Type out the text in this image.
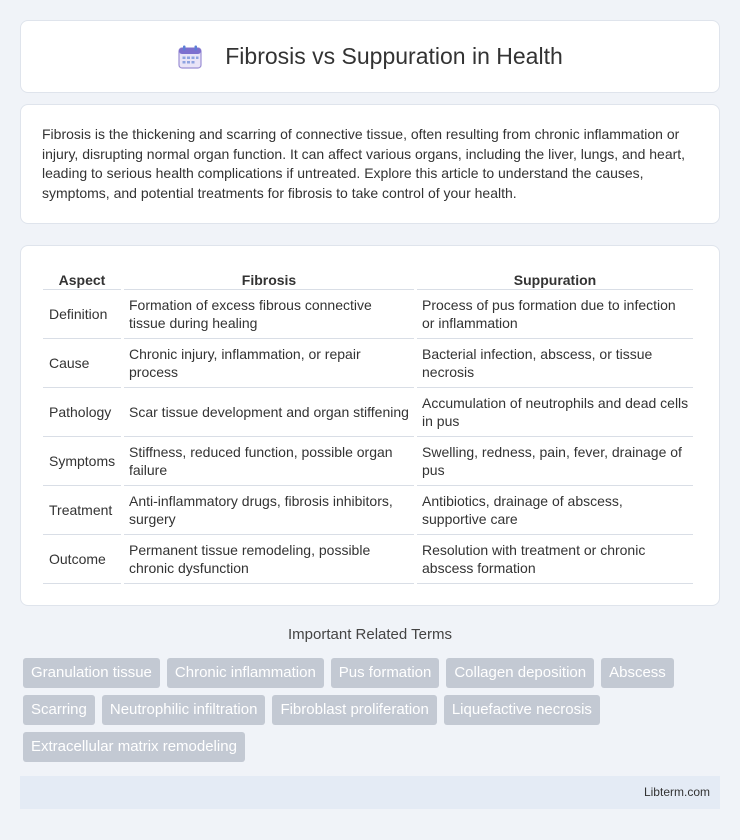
Fibrosis vs Suppuration in Health

Fibrosis is the thickening and scarring of connective tissue, often resulting from chronic inflammation or injury, disrupting normal organ function. It can affect various organs, including the liver, lungs, and heart, leading to serious health complications if untreated. Explore this article to understand the causes, symptoms, and potential treatments for fibrosis to take control of your health.

Aspect	Fibrosis	Suppuration
Definition	Formation of excess fibrous connective tissue during healing	Process of pus formation due to infection or inflammation
Cause	Chronic injury, inflammation, or repair process	Bacterial infection, abscess, or tissue necrosis
Pathology	Scar tissue development and organ stiffening	Accumulation of neutrophils and dead cells in pus
Symptoms	Stiffness, reduced function, possible organ failure	Swelling, redness, pain, fever, drainage of pus
Treatment	Anti-inflammatory drugs, fibrosis inhibitors, surgery	Antibiotics, drainage of abscess, supportive care
Outcome	Permanent tissue remodeling, possible chronic dysfunction	Resolution with treatment or chronic abscess formation
Important Related Terms
Granulation tissue	Chronic inflammation	Pus formation	Collagen deposition	Abscess
Scarring	Neutrophilic infiltration	Fibroblast proliferation	Liquefactive necrosis
Extracellular matrix remodeling
Libterm.com
